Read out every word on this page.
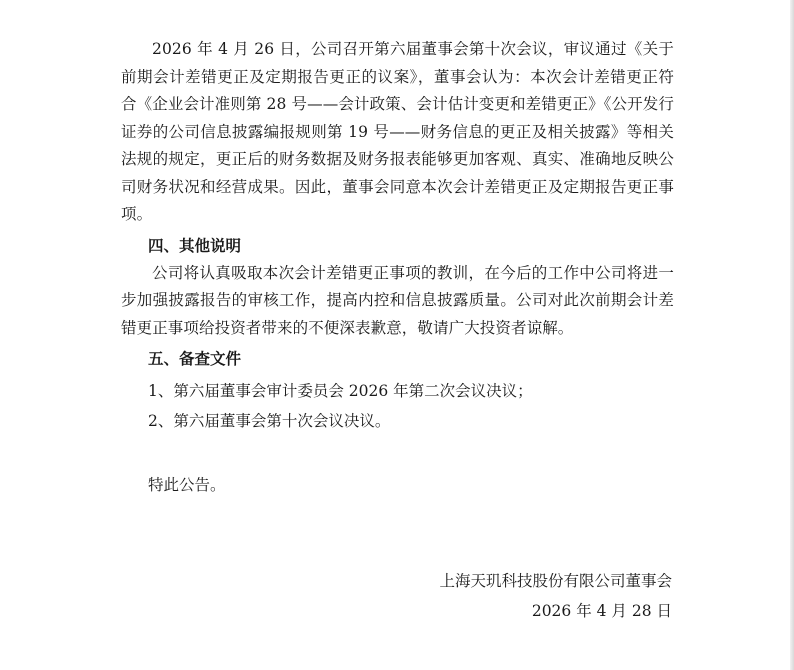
2026 年 4 月 26 日，公司召开第六届董事会第十次会议，审议通过《关于前期会计差错更正及定期报告更正的议案》，董事会认为：本次会计差错更正符合《企业会计准则第 28 号——会计政策、会计估计变更和差错更正》《公开发行证券的公司信息披露编报规则第 19 号——财务信息的更正及相关披露》等相关法规的规定，更正后的财务数据及财务报表能够更加客观、真实、准确地反映公司财务状况和经营成果。因此，董事会同意本次会计差错更正及定期报告更正事项。

四、其他说明

公司将认真吸取本次会计差错更正事项的教训，在今后的工作中公司将进一步加强披露报告的审核工作，提高内控和信息披露质量。公司对此次前期会计差错更正事项给投资者带来的不便深表歉意，敬请广大投资者谅解。

五、备查文件

1、第六届董事会审计委员会 2026 年第二次会议决议；

2、第六届董事会第十次会议决议。

特此公告。

上海天玑科技股份有限公司董事会
2026 年 4 月 28 日
